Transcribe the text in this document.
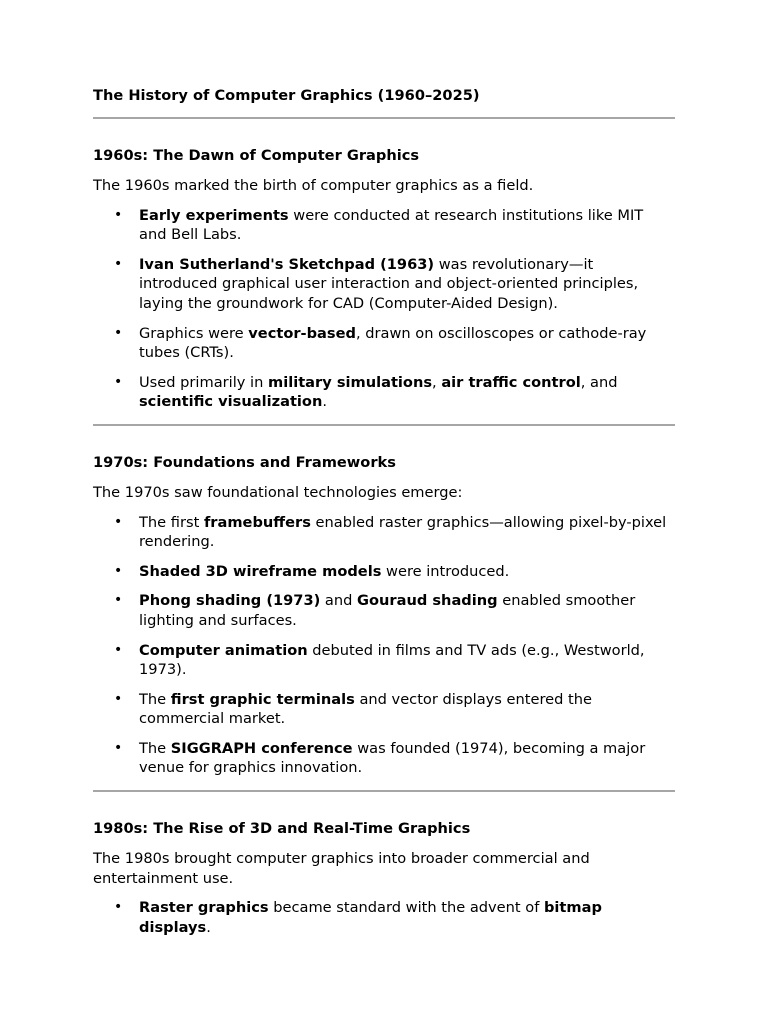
The History of Computer Graphics (1960–2025)
1960s: The Dawn of Computer Graphics

The 1960s marked the birth of computer graphics as a field.

• Early experiments were conducted at research institutions like MIT and Bell Labs.
• Ivan Sutherland's Sketchpad (1963) was revolutionary—it introduced graphical user interaction and object-oriented principles, laying the groundwork for CAD (Computer-Aided Design).
• Graphics were vector-based, drawn on oscilloscopes or cathode-ray tubes (CRTs).
• Used primarily in military simulations, air traffic control, and scientific visualization.
1970s: Foundations and Frameworks

The 1970s saw foundational technologies emerge:

• The first framebuffers enabled raster graphics—allowing pixel-by-pixel rendering.
• Shaded 3D wireframe models were introduced.
• Phong shading (1973) and Gouraud shading enabled smoother lighting and surfaces.
• Computer animation debuted in films and TV ads (e.g., Westworld, 1973).
• The first graphic terminals and vector displays entered the commercial market.
• The SIGGRAPH conference was founded (1974), becoming a major venue for graphics innovation.
1980s: The Rise of 3D and Real-Time Graphics

The 1980s brought computer graphics into broader commercial and entertainment use.

• Raster graphics became standard with the advent of bitmap displays.
